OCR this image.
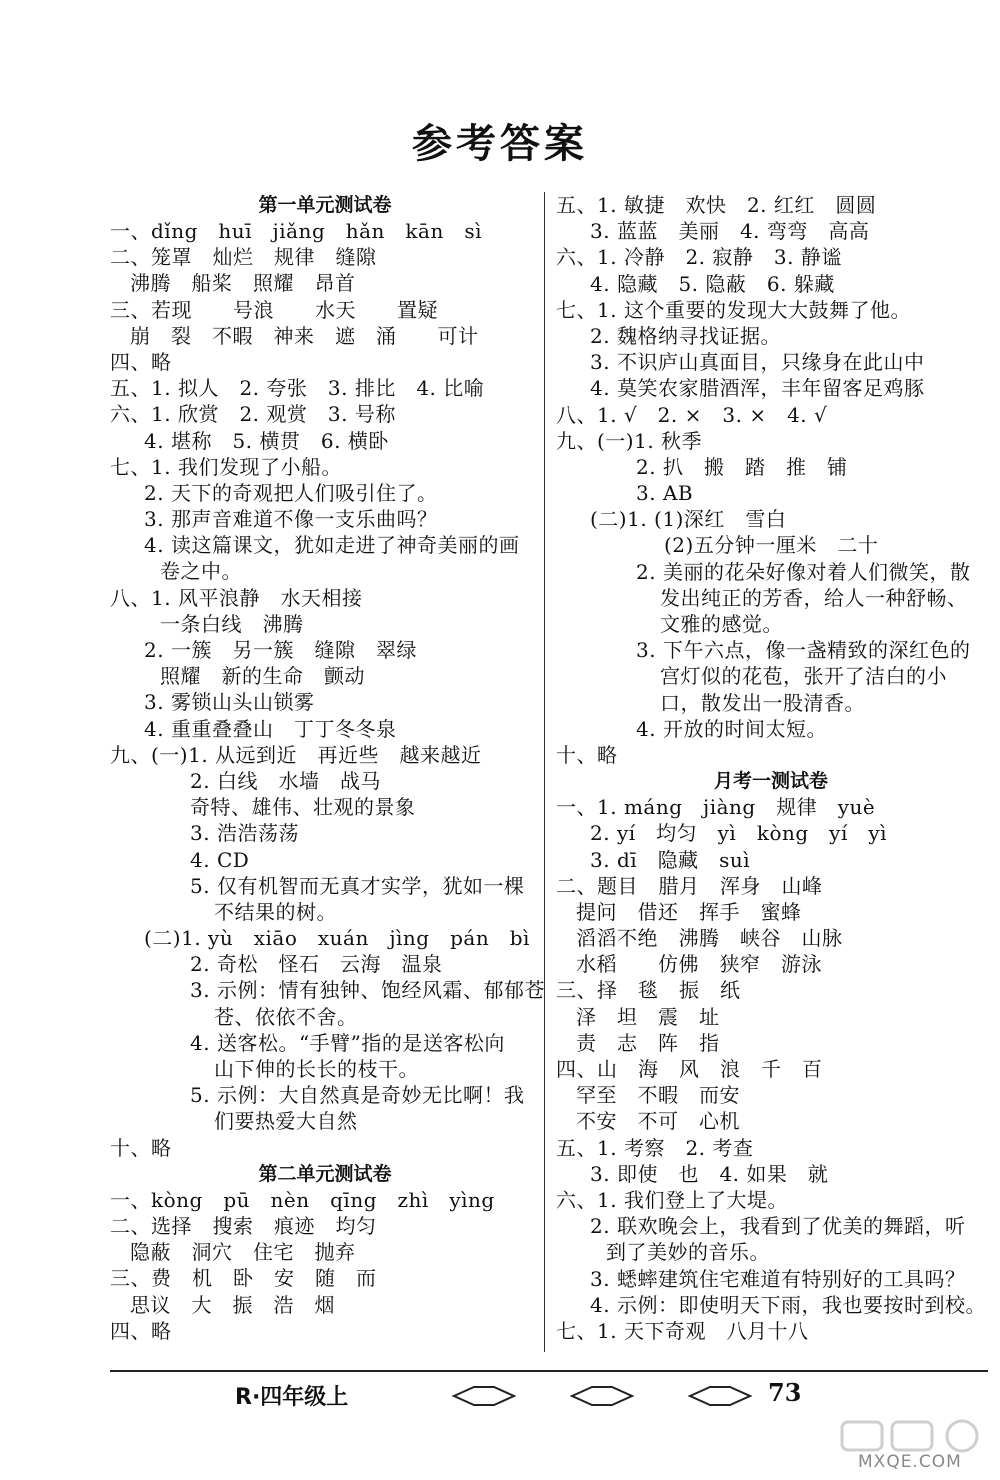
参考答案
第一单元测试卷
一、dǐng　huī　jiǎng　hǎn　kān　sì
二、笼罩　灿烂　规律　缝隙
沸腾　船桨　照耀　昂首
三、若现　　号浪　　水天　　置疑
崩　裂　不暇　神来　遮　涌　　可计
四、略
五、1. 拟人　2. 夸张　3. 排比　4. 比喻
六、1. 欣赏　2. 观赏　3. 号称
4. 堪称　5. 横贯　6. 横卧
七、1. 我们发现了小船。
2. 天下的奇观把人们吸引住了。
3. 那声音难道不像一支乐曲吗？
4. 读这篇课文，犹如走进了神奇美丽的画
卷之中。
八、1. 风平浪静　水天相接
一条白线　沸腾
2. 一簇　另一簇　缝隙　翠绿
照耀　新的生命　颤动
3. 雾锁山头山锁雾
4. 重重叠叠山　丁丁冬冬泉
九、(一)1. 从远到近　再近些　越来越近
2. 白线　水墙　战马
奇特、雄伟、壮观的景象
3. 浩浩荡荡
4. CD
5. 仅有机智而无真才实学，犹如一棵
不结果的树。
(二)1. yù　xiāo　xuán　jìng　pán　bì
2. 奇松　怪石　云海　温泉
3. 示例：情有独钟、饱经风霜、郁郁苍
苍、依依不舍。
4. 送客松。“手臂”指的是送客松向
山下伸的长长的枝干。
5. 示例：大自然真是奇妙无比啊！我
们要热爱大自然
十、略
第二单元测试卷
一、kòng　pū　nèn　qīng　zhì　yìng
二、选择　搜索　痕迹　均匀
隐蔽　洞穴　住宅　抛弃
三、费　机　卧　安　随　而
思议　大　振　浩　烟
四、略
五、1. 敏捷　欢快　2. 红红　圆圆
3. 蓝蓝　美丽　4. 弯弯　高高
六、1. 冷静　2. 寂静　3. 静谧
4. 隐藏　5. 隐蔽　6. 躲藏
七、1. 这个重要的发现大大鼓舞了他。
2. 魏格纳寻找证据。
3. 不识庐山真面目，只缘身在此山中
4. 莫笑农家腊酒浑，丰年留客足鸡豚
八、1. √　2. ×　3. ×　4. √
九、(一)1. 秋季
2. 扒　搬　踏　推　铺
3. AB
(二)1. (1)深红　雪白
(2)五分钟一厘米　二十
2. 美丽的花朵好像对着人们微笑，散
发出纯正的芳香，给人一种舒畅、
文雅的感觉。
3. 下午六点，像一盏精致的深红色的
宫灯似的花苞，张开了洁白的小
口，散发出一股清香。
4. 开放的时间太短。
十、略
月考一测试卷
一、1. máng　jiàng　规律　yuè
2. yí　均匀　yì　kòng　yí　yì
3. dī　隐藏　suì
二、题目　腊月　浑身　山峰
提问　借还　挥手　蜜蜂
滔滔不绝　沸腾　峡谷　山脉
水稻　　仿佛　狭窄　游泳
三、择　毯　振　纸
泽　坦　震　址
责　志　阵　指
四、山　海　风　浪　千　百
罕至　不暇　而安
不安　不可　心机
五、1. 考察　2. 考查
3. 即使　也　4. 如果　就
六、1. 我们登上了大堤。
2. 联欢晚会上，我看到了优美的舞蹈，听
到了美妙的音乐。
3. 蟋蟀建筑住宅难道有特别好的工具吗？
4. 示例：即使明天下雨，我也要按时到校。
七、1. 天下奇观　八月十八
R·四年级上	73
MXQE.COM
